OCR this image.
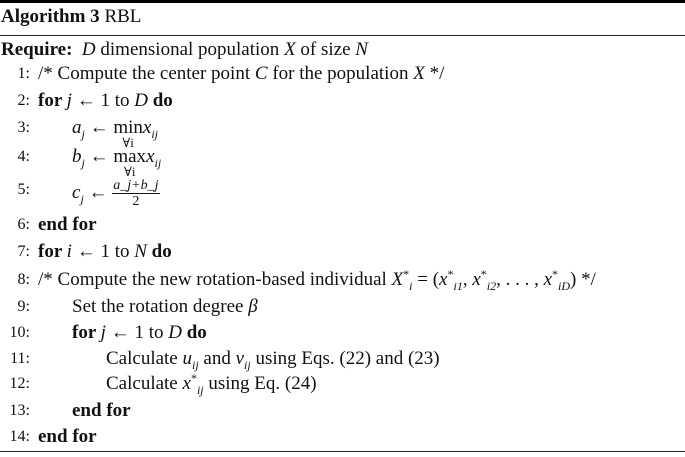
Algorithm 3 RBL
Require: D dimensional population X of size N
1: /* Compute the center point C for the population X */
2: for j ← 1 to D do
3: $a_j$ ← min
∀i
$x_{ij}$
4: $b_j$ ← max
∀i
$x_{ij}$
5: $c_j$ ← $\frac{a\_j+b\_j}{2}$
6: end for
7: for i ← 1 to N do
8: /* Compute the new rotation-based individual $X^*_i = (x^*_{i1}$, $x^*_{i2}$, . . . , $x^*_{iD}$) */
9: Set the rotation degree β
10: for j ← 1 to D do
11:	Calculate $u_{ij}$ and $v_{ij}$ using Eqs. (22) and (23)
12:	Calculate $x^*_{ij}$ using Eq. (24)
13: end for
14: end for
